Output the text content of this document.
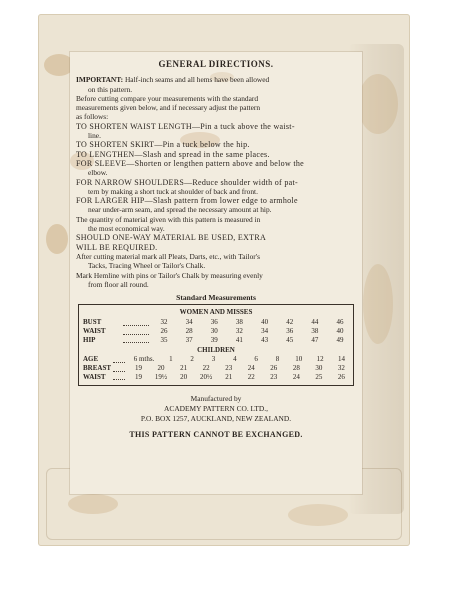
GENERAL DIRECTIONS.

IMPORTANT: Half-inch seams and all hems have been allowed

on this pattern.

Before cutting compare your measurements with the standard

measurements given below, and if necessary adjust the pattern

as follows:

TO SHORTEN WAIST LENGTH—Pin a tuck above the waist-

line.

TO SHORTEN SKIRT—Pin a tuck below the hip.

TO LENGTHEN—Slash and spread in the same places.

FOR SLEEVE—Shorten or lengthen pattern above and below the

elbow.

FOR NARROW SHOULDERS—Reduce shoulder width of pat-

tern by making a short tuck at shoulder of back and front.

FOR LARGER HIP—Slash pattern from lower edge to armhole

near under-arm seam, and spread the necessary amount at hip.

The quantity of material given with this pattern is measured in

the most economical way.

SHOULD ONE-WAY MATERIAL BE USED, EXTRA

WILL BE REQUIRED.

After cutting material mark all Pleats, Darts, etc., with Tailor's

Tacks, Tracing Wheel or Tailor's Chalk.

Mark Hemline with pins or Tailor's Chalk by measuring evenly

from floor all round.

Standard Measurements
WOMEN AND MISSES
BUST	32	34	36	38	40	42	44	46
WAIST	26	28	30	32	34	36	38	40
HIP	35	37	39	41	43	45	47	49
CHILDREN
AGE	6 mths.	1	2	3	4	6	8	10	12	14
BREAST	19	20	21	22	23	24	26	28	30	32
WAIST	19	19½	20	20½	21	22	23	24	25	26
Manufactured by
ACADEMY PATTERN CO. LTD.,
P.O. BOX 1257, AUCKLAND, NEW ZEALAND.
THIS PATTERN CANNOT BE EXCHANGED.
